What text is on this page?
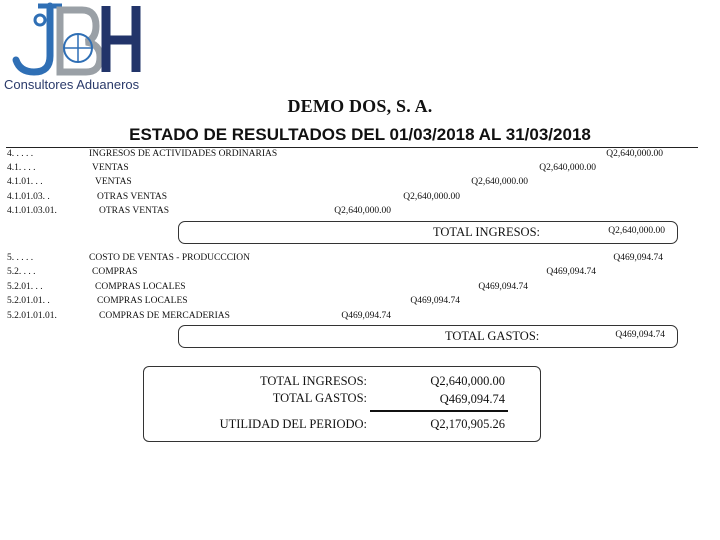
Consultores Aduaneros
DEMO DOS, S. A.
ESTADO DE RESULTADOS DEL 01/03/2018 AL 31/03/2018
4. . . . .	INGRESOS DE ACTIVIDADES ORDINARIAS	Q2,640,000.00
4.1. . . .	VENTAS	Q2,640,000.00
4.1.01. . .	VENTAS	Q2,640,000.00
4.1.01.03. .	OTRAS VENTAS	Q2,640,000.00
4.1.01.03.01.	OTRAS VENTAS	Q2,640,000.00
TOTAL INGRESOS:	Q2,640,000.00
5. . . . .	COSTO DE VENTAS - PRODUCCCION	Q469,094.74
5.2. . . .	COMPRAS	Q469,094.74
5.2.01. . .	COMPRAS LOCALES	Q469,094.74
5.2.01.01. .	COMPRAS LOCALES	Q469,094.74
5.2.01.01.01.	COMPRAS DE MERCADERIAS	Q469,094.74
TOTAL GASTOS:	Q469,094.74
TOTAL INGRESOS:	Q2,640,000.00
TOTAL GASTOS:	Q469,094.74
UTILIDAD DEL PERIODO:	Q2,170,905.26
